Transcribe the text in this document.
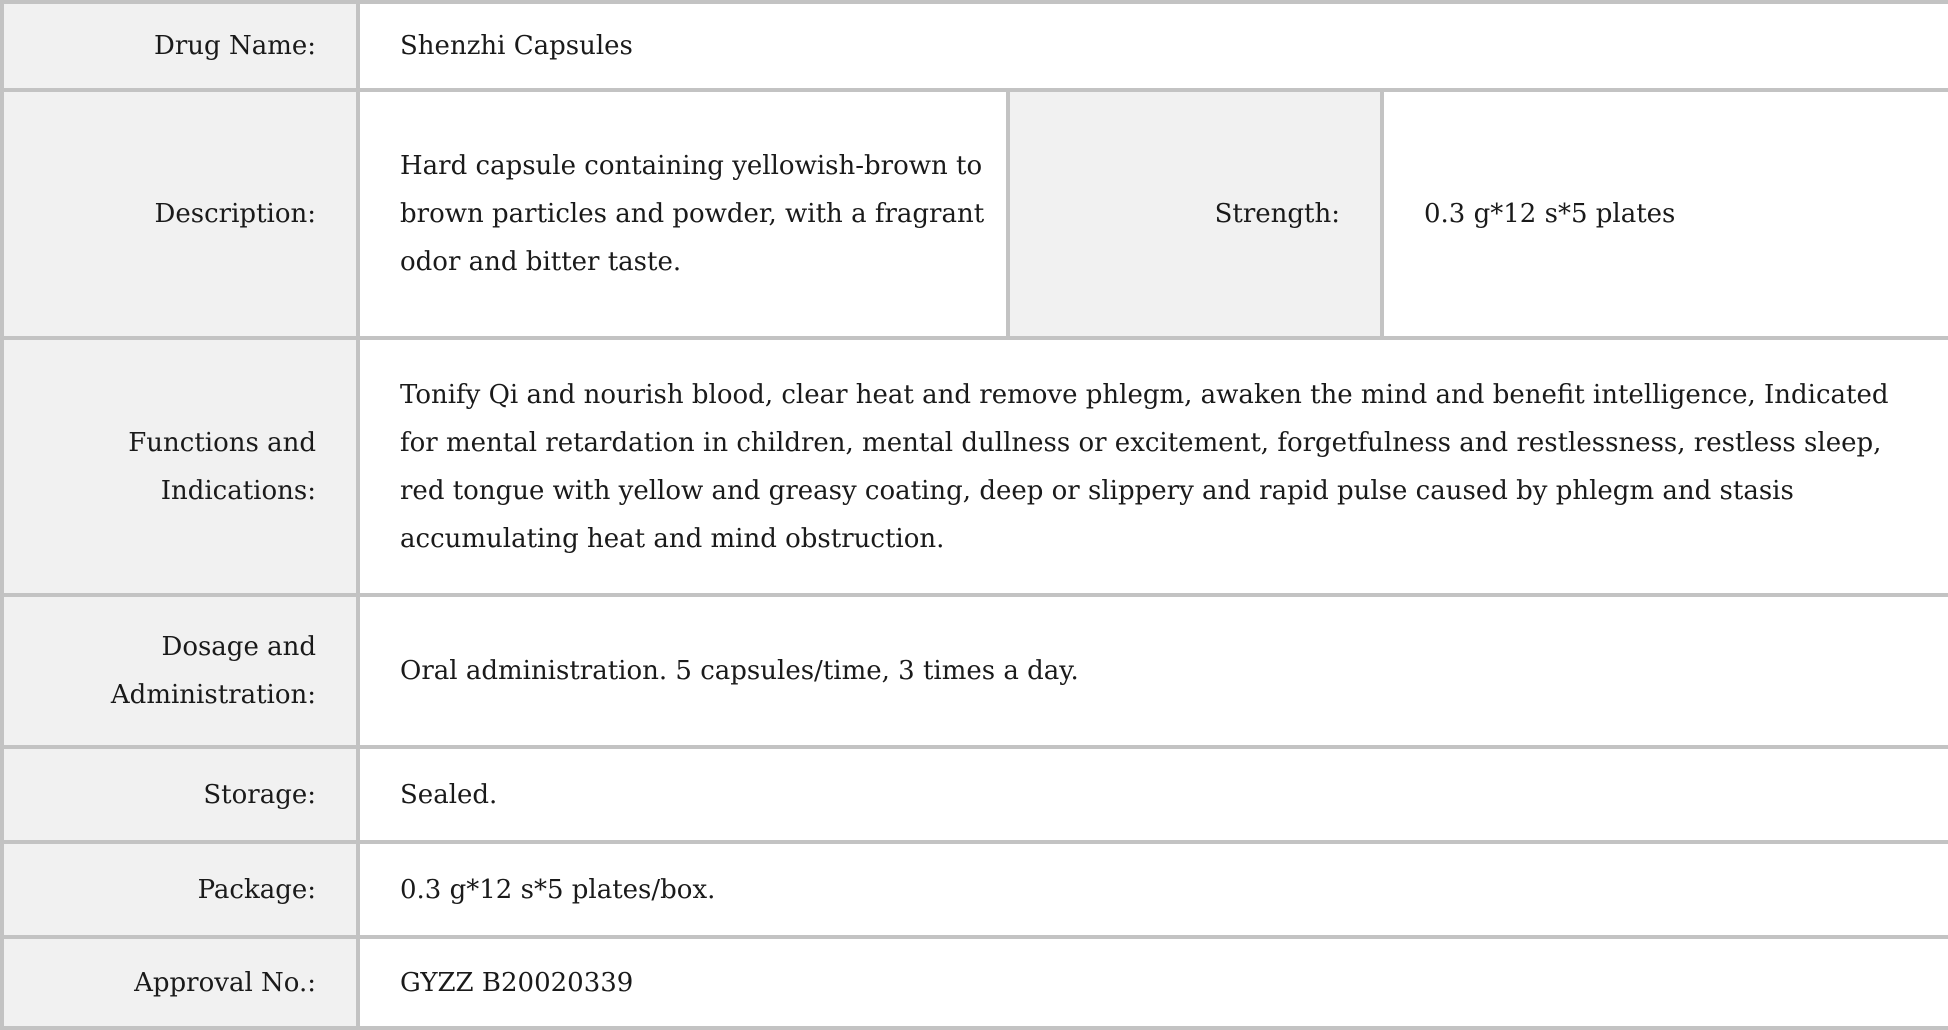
Drug Name:	Shenzhi Capsules		
Description:	Hard capsule containing yellowish-brown to brown particles and powder, with a fragrant odor and bitter taste.	Strength:	0.3 g*12 s*5 plates
Functions and Indications:	Tonify Qi and nourish blood, clear heat and remove phlegm, awaken the mind and benefit intelligence, Indicated for mental retardation in children, mental dullness or excitement, forgetfulness and restlessness, restless sleep, red tongue with yellow and greasy coating, deep or slippery and rapid pulse caused by phlegm and stasis accumulating heat and mind obstruction.		
Dosage and Administration:	Oral administration. 5 capsules/time, 3 times a day.		
Storage:	Sealed.		
Package:	0.3 g*12 s*5 plates/box.		
Approval No.:	GYZZ B20020339		
